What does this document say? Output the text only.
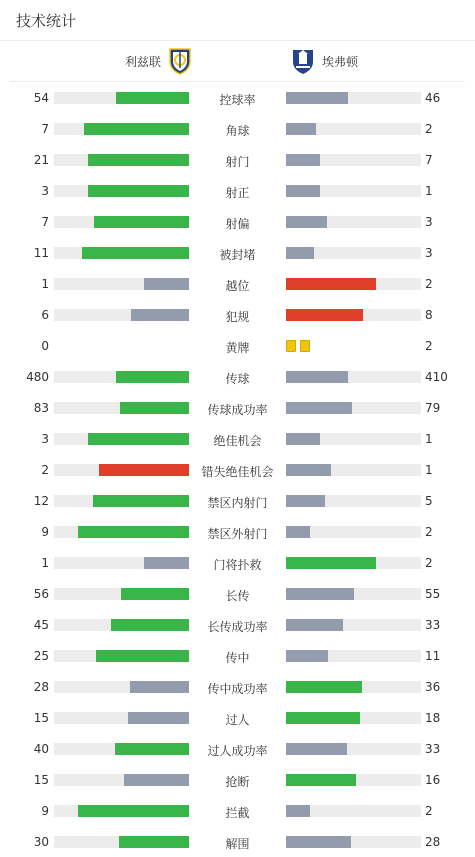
技术统计
利兹联	埃弗顿
54	控球率	46
7	角球	2
21	射门	7
3	射正	1
7	射偏	3
11	被封堵	3
1	越位	2
6	犯规	8
0	黄牌	2
480	传球	410
83	传球成功率	79
3	绝佳机会	1
2	错失绝佳机会	1
12	禁区内射门	5
9	禁区外射门	2
1	门将扑救	2
56	长传	55
45	长传成功率	33
25	传中	11
28	传中成功率	36
15	过人	18
40	过人成功率	33
15	抢断	16
9	拦截	2
30	解围	28
